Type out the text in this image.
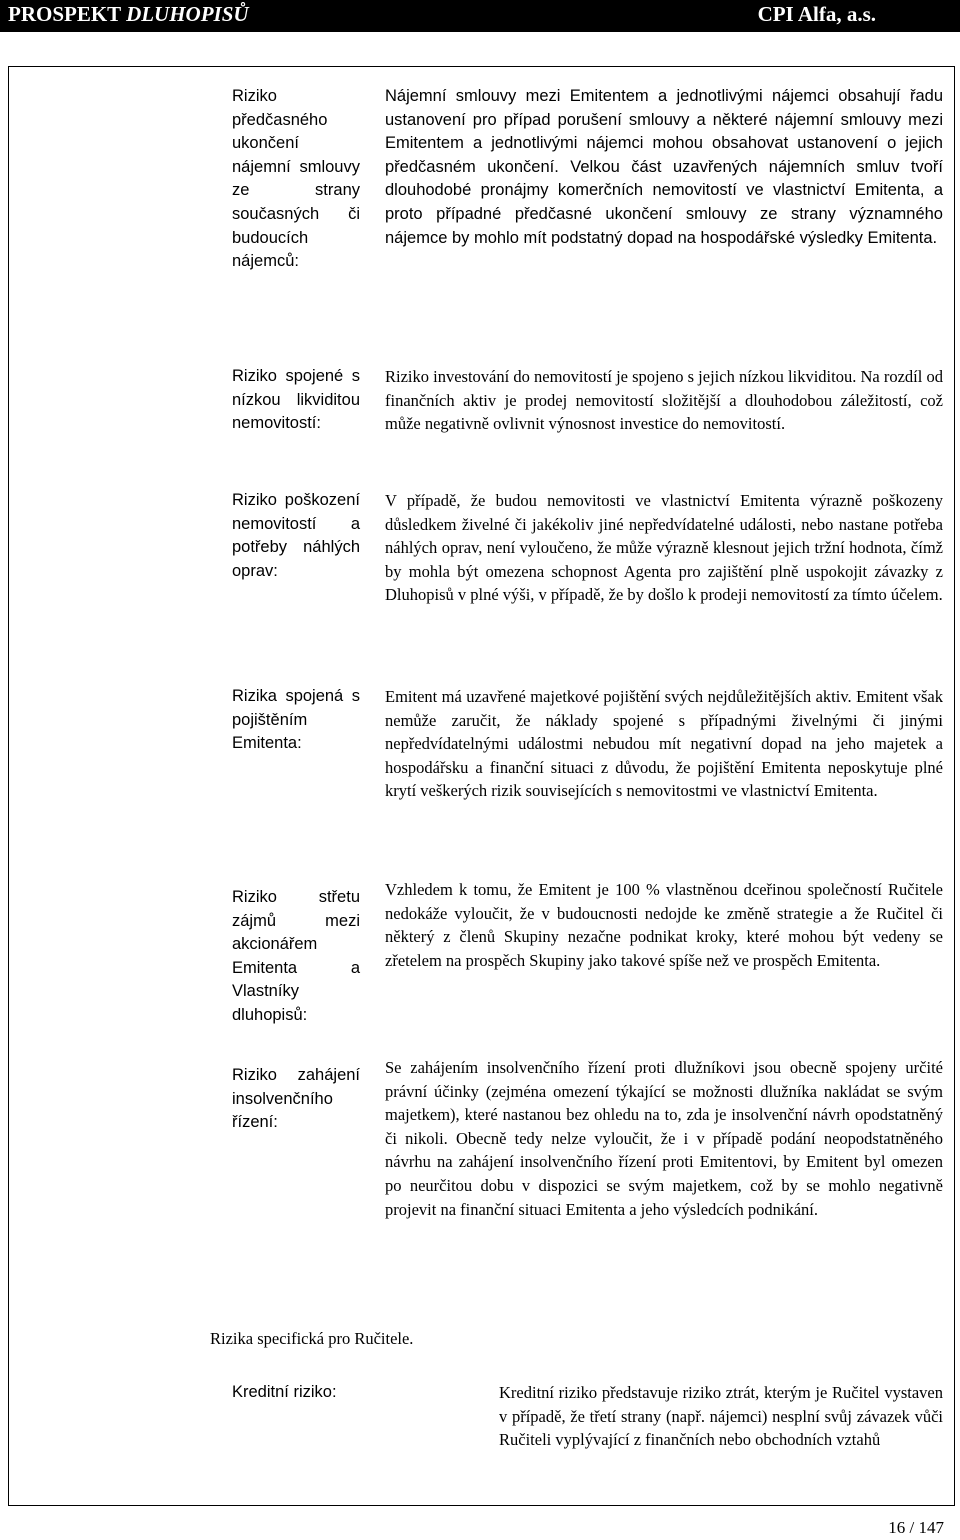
PROSPEKT DLUHOPISŮ	CPI Alfa, a.s.
Riziko předčasného ukončení nájemní smlouvy ze strany současných či budoucích nájemců:
Nájemní smlouvy mezi Emitentem a jednotlivými nájemci obsahují řadu ustanovení pro případ porušení smlouvy a některé nájemní smlouvy mezi Emitentem a jednotlivými nájemci mohou obsahovat ustanovení o jejich předčasném ukončení. Velkou část uzavřených nájemních smluv tvoří dlouhodobé pronájmy komerčních nemovitostí ve vlastnictví Emitenta, a proto případné předčasné ukončení smlouvy ze strany významného nájemce by mohlo mít podstatný dopad na hospodářské výsledky Emitenta.
Riziko spojené s nízkou likviditou nemovitostí:
Riziko investování do nemovitostí je spojeno s jejich nízkou likviditou. Na rozdíl od finančních aktiv je prodej nemovitostí složitější a dlouhodobou záležitostí, což může negativně ovlivnit výnosnost investice do nemovitostí.
Riziko poškození nemovitostí a potřeby náhlých oprav:
V případě, že budou nemovitosti ve vlastnictví Emitenta výrazně poškozeny důsledkem živelné či jakékoliv jiné nepředvídatelné události, nebo nastane potřeba náhlých oprav, není vyloučeno, že může výrazně klesnout jejich tržní hodnota, čímž by mohla být omezena schopnost Agenta pro zajištění plně uspokojit závazky z Dluhopisů v plné výši, v případě, že by došlo k prodeji nemovitostí za tímto účelem.
Rizika spojená s pojištěním Emitenta:
Emitent má uzavřené majetkové pojištění svých nejdůležitějších aktiv. Emitent však nemůže zaručit, že náklady spojené s případnými živelnými či jinými nepředvídatelnými událostmi nebudou mít negativní dopad na jeho majetek a hospodářsku a finanční situaci z důvodu, že pojištění Emitenta neposkytuje plné krytí veškerých rizik souvisejících s nemovitostmi ve vlastnictví Emitenta.
Riziko střetu zájmů mezi akcionářem Emitenta a Vlastníky dluhopisů:
Vzhledem k tomu, že Emitent je 100 % vlastněnou dceřinou společností Ručitele nedokáže vyloučit, že v budoucnosti nedojde ke změně strategie a že Ručitel či některý z členů Skupiny nezačne podnikat kroky, které mohou být vedeny se zřetelem na prospěch Skupiny jako takové spíše než ve prospěch Emitenta.
Riziko zahájení insolvenčního řízení:
Se zahájením insolvenčního řízení proti dlužníkovi jsou obecně spojeny určité právní účinky (zejména omezení týkající se možnosti dlužníka nakládat se svým majetkem), které nastanou bez ohledu na to, zda je insolvenční návrh opodstatněný či nikoli. Obecně tedy nelze vyloučit, že i v případě podání neopodstatněného návrhu na zahájení insolvenčního řízení proti Emitentovi, by Emitent byl omezen po neurčitou dobu v dispozici se svým majetkem, což by se mohlo negativně projevit na finanční situaci Emitenta a jeho výsledcích podnikání.
Rizika specifická pro Ručitele.
Kreditní riziko:	Kreditní riziko představuje riziko ztrát, kterým je Ručitel vystaven v případě, že třetí strany (např. nájemci) nesplní svůj závazek vůči Ručiteli vyplývající z finančních nebo obchodních vztahů
16 / 147
